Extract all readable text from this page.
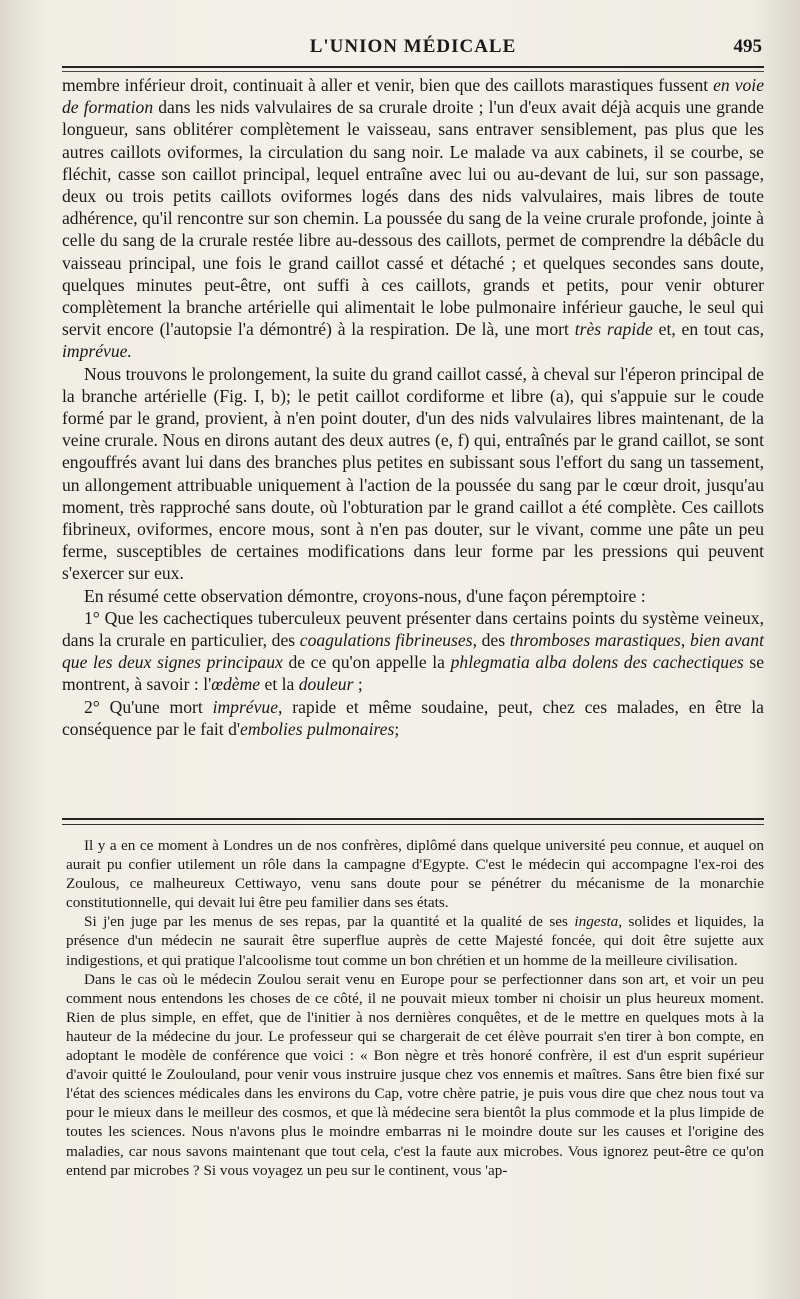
L'UNION MÉDICALE	495

membre inférieur droit, continuait à aller et venir, bien que des caillots marastiques fussent en voie de formation dans les nids valvulaires de sa crurale droite ; l'un d'eux avait déjà acquis une grande longueur, sans oblitérer complètement le vaisseau, sans entraver sensiblement, pas plus que les autres caillots oviformes, la circulation du sang noir. Le malade va aux cabinets, il se courbe, se fléchit, casse son caillot principal, lequel entraîne avec lui ou au-devant de lui, sur son passage, deux ou trois petits caillots oviformes logés dans des nids valvulaires, mais libres de toute adhérence, qu'il rencontre sur son chemin. La poussée du sang de la veine crurale profonde, jointe à celle du sang de la crurale restée libre au-dessous des caillots, permet de comprendre la débâcle du vaisseau principal, une fois le grand caillot cassé et détaché ; et quelques secondes sans doute, quelques minutes peut-être, ont suffi à ces caillots, grands et petits, pour venir obturer complètement la branche artérielle qui alimentait le lobe pulmonaire inférieur gauche, le seul qui servit encore (l'autopsie l'a démontré) à la respiration. De là, une mort très rapide et, en tout cas, imprévue.

Nous trouvons le prolongement, la suite du grand caillot cassé, à cheval sur l'éperon principal de la branche artérielle (Fig. I, b); le petit caillot cordiforme et libre (a), qui s'appuie sur le coude formé par le grand, provient, à n'en point douter, d'un des nids valvulaires libres maintenant, de la veine crurale. Nous en dirons autant des deux autres (e, f) qui, entraînés par le grand caillot, se sont engouffrés avant lui dans des branches plus petites en subissant sous l'effort du sang un tassement, un allongement attribuable uniquement à l'action de la poussée du sang par le cœur droit, jusqu'au moment, très rapproché sans doute, où l'obturation par le grand caillot a été complète. Ces caillots fibrineux, oviformes, encore mous, sont à n'en pas douter, sur le vivant, comme une pâte un peu ferme, susceptibles de certaines modifications dans leur forme par les pressions qui peuvent s'exercer sur eux.

En résumé cette observation démontre, croyons-nous, d'une façon péremptoire :

1° Que les cachectiques tuberculeux peuvent présenter dans certains points du système veineux, dans la crurale en particulier, des coagulations fibrineuses, des thromboses marastiques, bien avant que les deux signes principaux de ce qu'on appelle la phlegmatia alba dolens des cachectiques se montrent, à savoir : l'œdème et la douleur ;

2° Qu'une mort imprévue, rapide et même soudaine, peut, chez ces malades, en être la conséquence par le fait d'embolies pulmonaires;

Il y a en ce moment à Londres un de nos confrères, diplômé dans quelque université peu connue, et auquel on aurait pu confier utilement un rôle dans la campagne d'Egypte. C'est le médecin qui accompagne l'ex-roi des Zoulous, ce malheureux Cettiwayo, venu sans doute pour se pénétrer du mécanisme de la monarchie constitutionnelle, qui devait lui être peu familier dans ses états.

Si j'en juge par les menus de ses repas, par la quantité et la qualité de ses ingesta, solides et liquides, la présence d'un médecin ne saurait être superflue auprès de cette Majesté foncée, qui doit être sujette aux indigestions, et qui pratique l'alcoolisme tout comme un bon chrétien et un homme de la meilleure civilisation.

Dans le cas où le médecin Zoulou serait venu en Europe pour se perfectionner dans son art, et voir un peu comment nous entendons les choses de ce côté, il ne pouvait mieux tomber ni choisir un plus heureux moment. Rien de plus simple, en effet, que de l'initier à nos dernières conquêtes, et de le mettre en quelques mots à la hauteur de la médecine du jour. Le professeur qui se chargerait de cet élève pourrait s'en tirer à bon compte, en adoptant le modèle de conférence que voici : « Bon nègre et très honoré confrère, il est d'un esprit supérieur d'avoir quitté le Zoulouland, pour venir vous instruire jusque chez vos ennemis et maîtres. Sans être bien fixé sur l'état des sciences médicales dans les environs du Cap, votre chère patrie, je puis vous dire que chez nous tout va pour le mieux dans le meilleur des cosmos, et que là médecine sera bientôt la plus commode et la plus limpide de toutes les sciences. Nous n'avons plus le moindre embarras ni le moindre doute sur les causes et l'origine des maladies, car nous savons maintenant que tout cela, c'est la faute aux microbes. Vous ignorez peut-être ce qu'on entend par microbes ? Si vous voyagez un peu sur le continent, vous 'ap-
